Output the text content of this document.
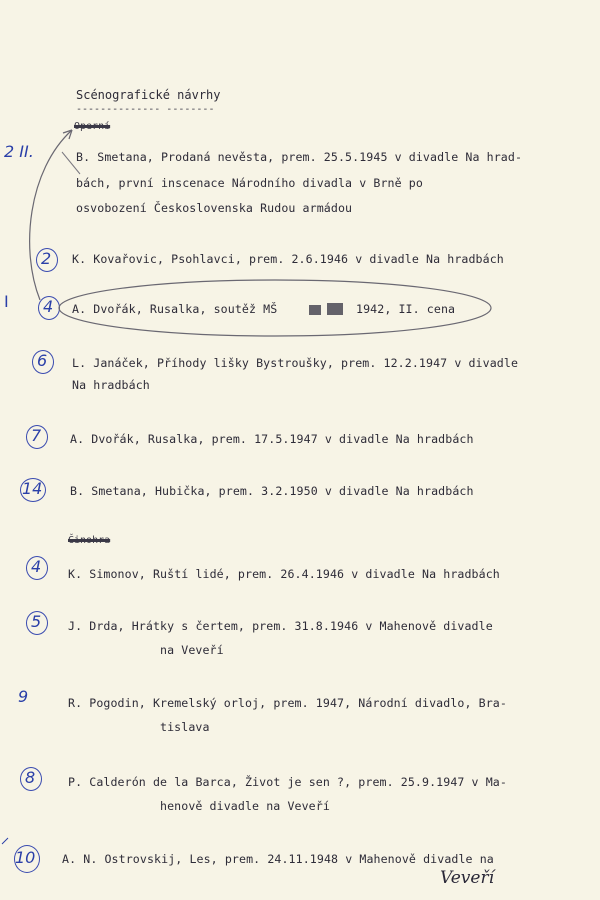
Scénografické návrhy
-------------- --------
Operní
Činohra
2 II.	B. Smetana, Prodaná nevěsta, prem. 25.5.1945 v divadle Na hrad-
bách, první inscenace Národního divadla v Brně po
osvobození Československa Rudou armádou
2 K. Kovařovic, Psohlavci, prem. 2.6.1946 v divadle Na hradbách
I 4 A. Dvořák, Rusalka, soutěž MŠ	1942, II. cena
6 L. Janáček, Příhody lišky Bystroušky, prem. 12.2.1947 v divadle
Na hradbách
7 A. Dvořák, Rusalka, prem. 17.5.1947 v divadle Na hradbách
14 B. Smetana, Hubička, prem. 3.2.1950 v divadle Na hradbách
4 K. Simonov, Ruští lidé, prem. 26.4.1946 v divadle Na hradbách
5 J. Drda, Hrátky s čertem, prem. 31.8.1946 v Mahenově divadle
na Veveří
9	R. Pogodin, Kremelský orloj, prem. 1947, Národní divadlo, Bra-
tislava
8	P. Calderón de la Barca, Život je sen ?, prem. 25.9.1947 v Ma-
henově divadle na Veveří
10 A. N. Ostrovskij, Les, prem. 24.11.1948 v Mahenově divadle na
Veveří
